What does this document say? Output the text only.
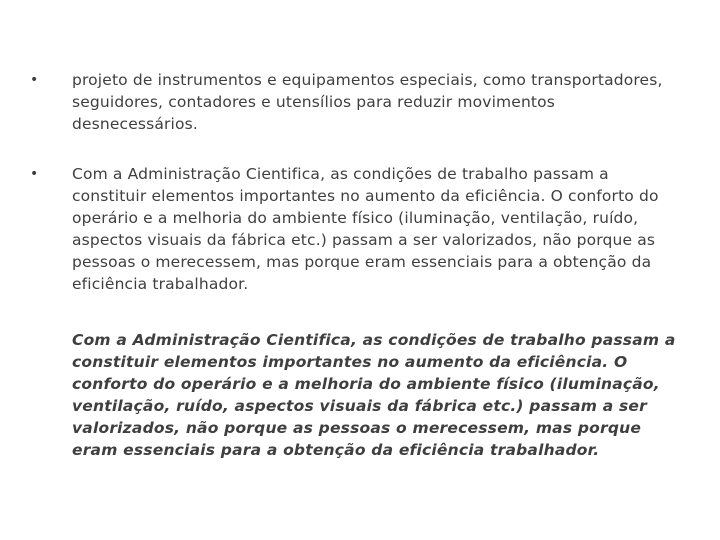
• projeto de instrumentos e equipamentos especiais, como transportadores, seguidores, contadores e utensílios para reduzir movimentos desnecessários.
• Com a Administração Cientifica, as condições de trabalho passam a constituir elementos importantes no aumento da eficiência. O conforto do operário e a melhoria do ambiente físico (iluminação, ventilação, ruído, aspectos visuais da fábrica etc.) passam a ser valorizados, não porque as pessoas o merecessem, mas porque eram essenciais para a obtenção da eficiência trabalhador.

Com a Administração Cientifica, as condições de trabalho passam a constituir elementos importantes no aumento da eficiência. O conforto do operário e a melhoria do ambiente físico (iluminação, ventilação, ruído, aspectos visuais da fábrica etc.) passam a ser valorizados, não porque as pessoas o merecessem, mas porque eram essenciais para a obtenção da eficiência trabalhador.
